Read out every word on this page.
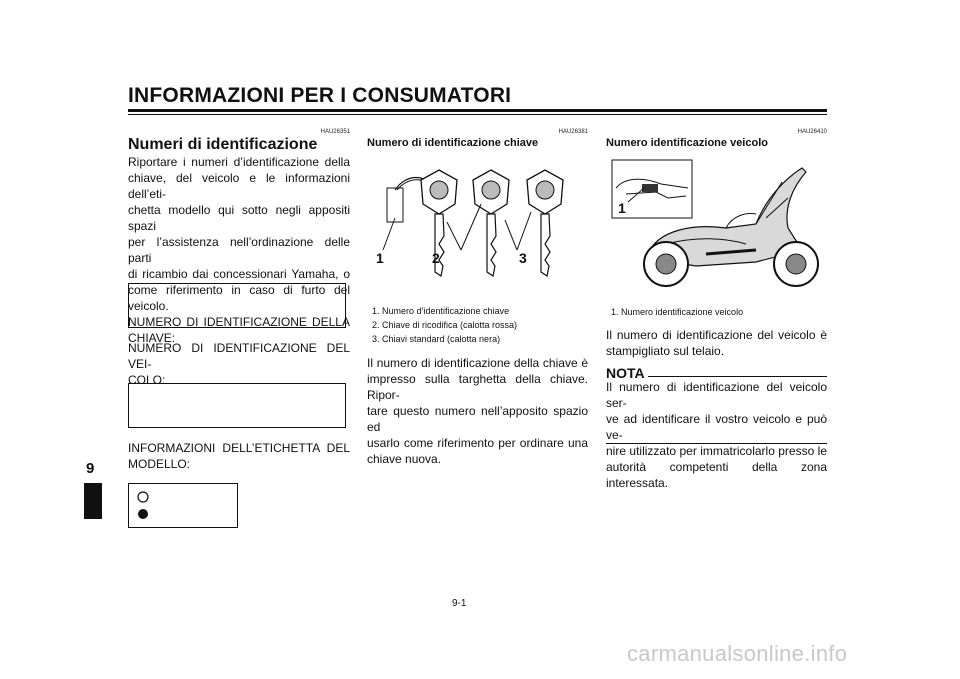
INFORMAZIONI PER I CONSUMATORI
9
HAU26351
Numeri di identificazione
Riportare i numeri d’identificazione della
chiave, del veicolo e le informazioni dell’eti-
chetta modello qui sotto negli appositi spazi
per l’assistenza nell’ordinazione delle parti
di ricambio dai concessionari Yamaha, o
come riferimento in caso di furto del veicolo.
NUMERO DI IDENTIFICAZIONE DELLA
CHIAVE:
NUMERO DI IDENTIFICAZIONE DEL VEI-
COLO:
INFORMAZIONI DELL’ETICHETTA DEL
MODELLO:
HAU26381
Numero di identificazione chiave
1	2	3
1. Numero d’identificazione chiave
2. Chiave di ricodifica (calotta rossa)
3. Chiavi standard (calotta nera)
Il numero di identificazione della chiave è
impresso sulla targhetta della chiave. Ripor-
tare questo numero nell’apposito spazio ed
usarlo come riferimento per ordinare una
chiave nuova.
HAU26410
Numero identificazione veicolo
1
1. Numero identificazione veicolo
Il numero di identificazione del veicolo è
stampigliato sul telaio.
NOTA
Il numero di identificazione del veicolo ser-
ve ad identificare il vostro veicolo e può ve-
nire utilizzato per immatricolarlo presso le
autorità competenti della zona interessata.
9-1
carmanualsonline.info
